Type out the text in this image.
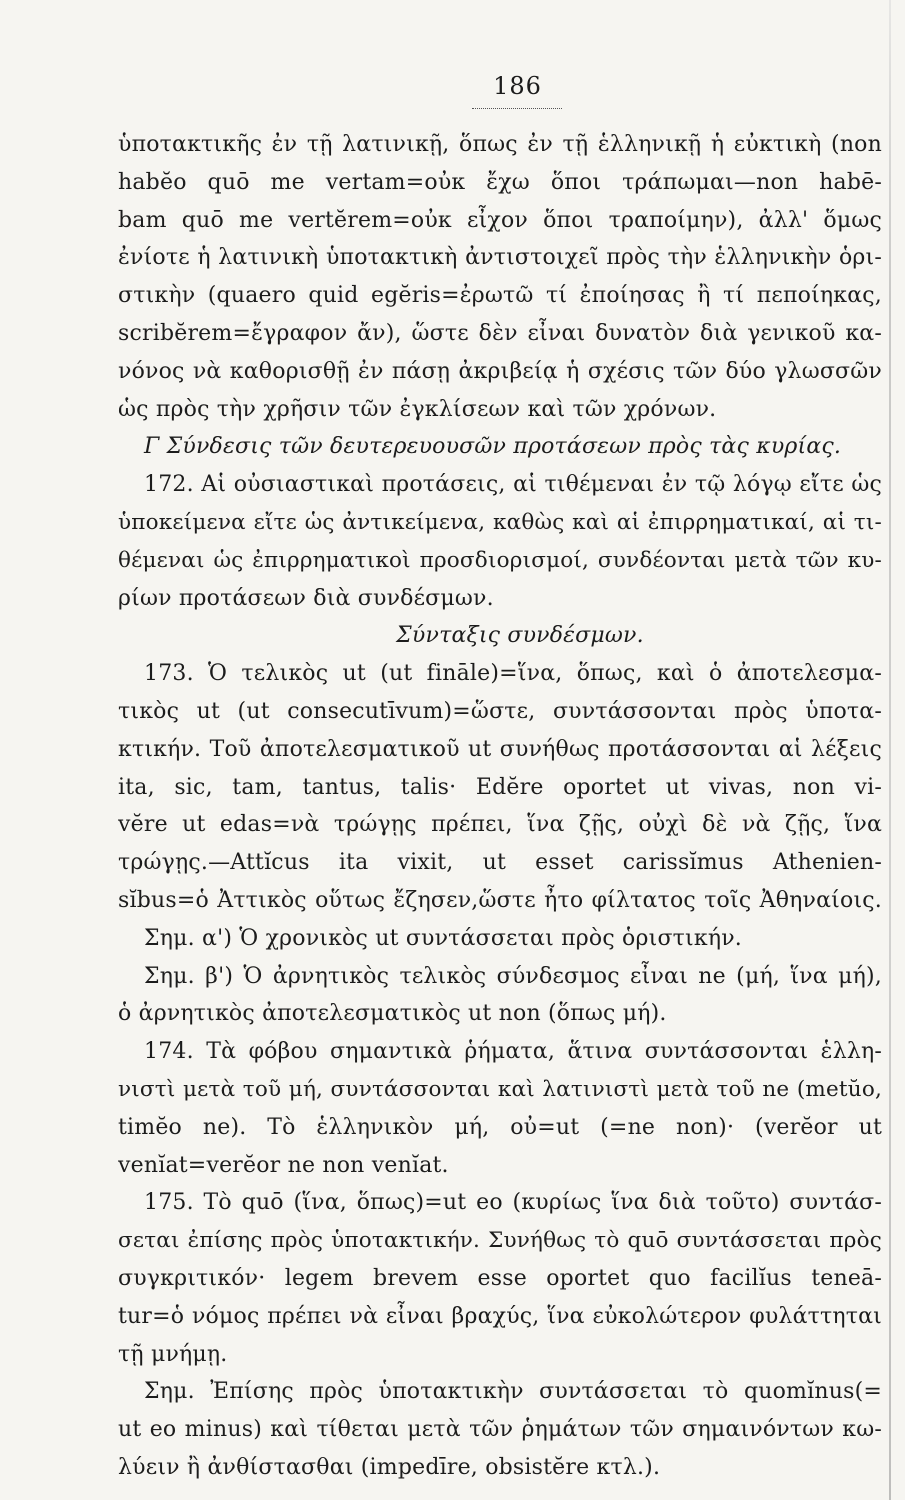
186
ὑποτακτικῆς ἐν τῇ λατινικῇ, ὅπως ἐν τῇ ἑλληνικῇ ἡ εὐκτικὴ (non
habĕo quō me vertam=οὐκ ἔχω ὅποι τράπωμαι—non habē-
bam quō me vertĕrem=οὐκ εἶχον ὅποι τραποίμην), ἀλλ' ὅμως
ἐνίοτε ἡ λατινικὴ ὑποτακτικὴ ἀντιστοιχεῖ πρὸς τὴν ἑλληνικὴν ὁρι-
στικὴν (quaero quid egĕris=ἐρωτῶ τί ἐποίησας ἢ τί πεποίηκας,
scribĕrem=ἔγραφον ἄν), ὥστε δὲν εἶναι δυνατὸν διὰ γενικοῦ κα-
νόνος νὰ καθορισθῇ ἐν πάσῃ ἀκριβείᾳ ἡ σχέσις τῶν δύο γλωσσῶν
ὡς πρὸς τὴν χρῆσιν τῶν ἐγκλίσεων καὶ τῶν χρόνων.
Γ Σύνδεσις τῶν δευτερευουσῶν προτάσεων πρὸς τὰς κυρίας.
172. Αἱ οὐσιαστικαὶ προτάσεις, αἱ τιθέμεναι ἐν τῷ λόγῳ εἴτε ὡς
ὑποκείμενα εἴτε ὡς ἀντικείμενα, καθὼς καὶ αἱ ἐπιρρηματικαί, αἱ τι-
θέμεναι ὡς ἐπιρρηματικοὶ προσδιορισμοί, συνδέονται μετὰ τῶν κυ-
ρίων προτάσεων διὰ συνδέσμων.
Σύνταξις συνδέσμων.
173. Ὁ τελικὸς ut (ut finālе)=ἵνα, ὅπως, καὶ ὁ ἀποτελεσμα-
τικὸς ut (ut consecutīvum)=ὥστε, συντάσσονται πρὸς ὑποτα-
κτικήν. Τοῦ ἀποτελεσματικοῦ ut συνήθως προτάσσονται αἱ λέξεις
ita, sic, tam, tantus, talis· Edĕre oportet ut vivas, non vi-
vĕre ut edas=νὰ τρώγῃς πρέπει, ἵνα ζῇς, οὐχὶ δὲ νὰ ζῇς, ἵνα
τρώγῃς.—Attĭcus ita vixit, ut esset carissĭmus Athenien-
sĭbus=ὁ Ἀττικὸς οὕτως ἔζησεν,ὥστε ἦτο φίλτατος τοῖς Ἀθηναίοις.
Σημ. α') Ὁ χρονικὸς ut συντάσσεται πρὸς ὁριστικήν.
Σημ. β') Ὁ ἀρνητικὸς τελικὸς σύνδεσμος εἶναι ne (μή, ἵνα μή),
ὁ ἀρνητικὸς ἀποτελεσματικὸς ut non (ὅπως μή).
174. Τὰ φόβου σημαντικὰ ῥήματα, ἅτινα συντάσσονται ἑλλη-
νιστὶ μετὰ τοῦ μή, συντάσσονται καὶ λατινιστὶ μετὰ τοῦ ne (metŭo,
timĕo ne). Τὸ ἑλληνικὸν μή, οὐ=ut (=ne non)· (verĕor ut
venĭat=verĕor ne non venĭat.
175. Τὸ quō (ἵνα, ὅπως)=ut eo (κυρίως ἵνα διὰ τοῦτο) συντάσ-
σεται ἐπίσης πρὸς ὑποτακτικήν. Συνήθως τὸ quō συντάσσεται πρὸς
συγκριτικόν· legem brevem esse oportet quo facilĭus teneā-
tur=ὁ νόμος πρέπει νὰ εἶναι βραχύς, ἵνα εὐκολώτερον φυλάττηται
τῇ μνήμῃ.
Σημ. Ἐπίσης πρὸς ὑποτακτικὴν συντάσσεται τὸ quomĭnus(=
ut eo minus) καὶ τίθεται μετὰ τῶν ῥημάτων τῶν σημαινόντων κω-
λύειν ἢ ἀνθίστασθαι (impedīre, obsistĕre κτλ.).
